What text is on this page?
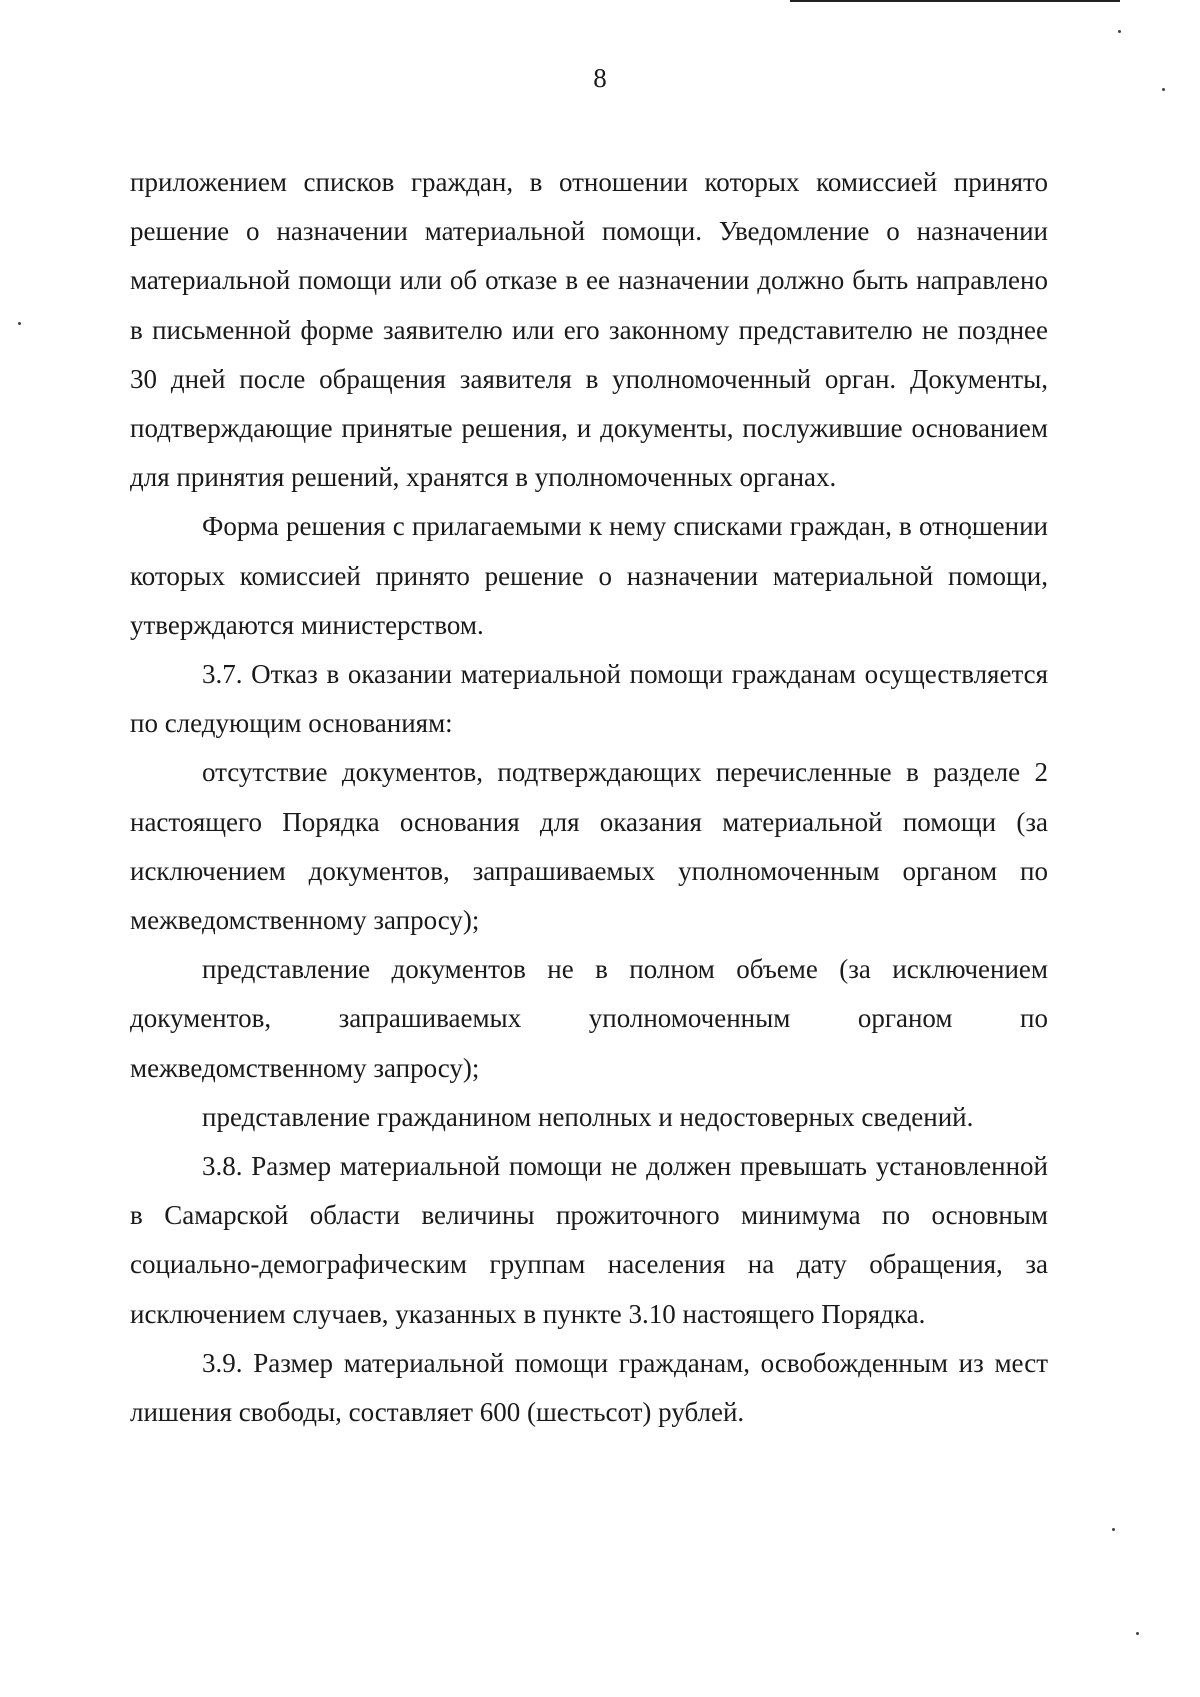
8

приложением списков граждан, в отношении которых комиссией принято решение о назначении материальной помощи. Уведомление о назначении материальной помощи или об отказе в ее назначении должно быть направлено в письменной форме заявителю или его законному представителю не позднее 30 дней после обращения заявителя в уполномоченный орган. Документы, подтверждающие принятые решения, и документы, послужившие основанием для принятия решений, хранятся в уполномоченных органах.

Форма решения с прилагаемыми к нему списками граждан, в отношении которых комиссией принято решение о назначении материальной помощи, утверждаются министерством.

3.7. Отказ в оказании материальной помощи гражданам осуществляется по следующим основаниям:

отсутствие документов, подтверждающих перечисленные в разделе 2 настоящего Порядка основания для оказания материальной помощи (за исключением документов, запрашиваемых уполномоченным органом по межведомственному запросу);

представление документов не в полном объеме (за исключением документов, запрашиваемых уполномоченным органом по межведомственному запросу);

представление гражданином неполных и недостоверных сведений.

3.8. Размер материальной помощи не должен превышать установленной в Самарской области величины прожиточного минимума по основным социально-демографическим группам населения на дату обращения, за исключением случаев, указанных в пункте 3.10 настоящего Порядка.

3.9. Размер материальной помощи гражданам, освобожденным из мест лишения свободы, составляет 600 (шестьсот) рублей.
